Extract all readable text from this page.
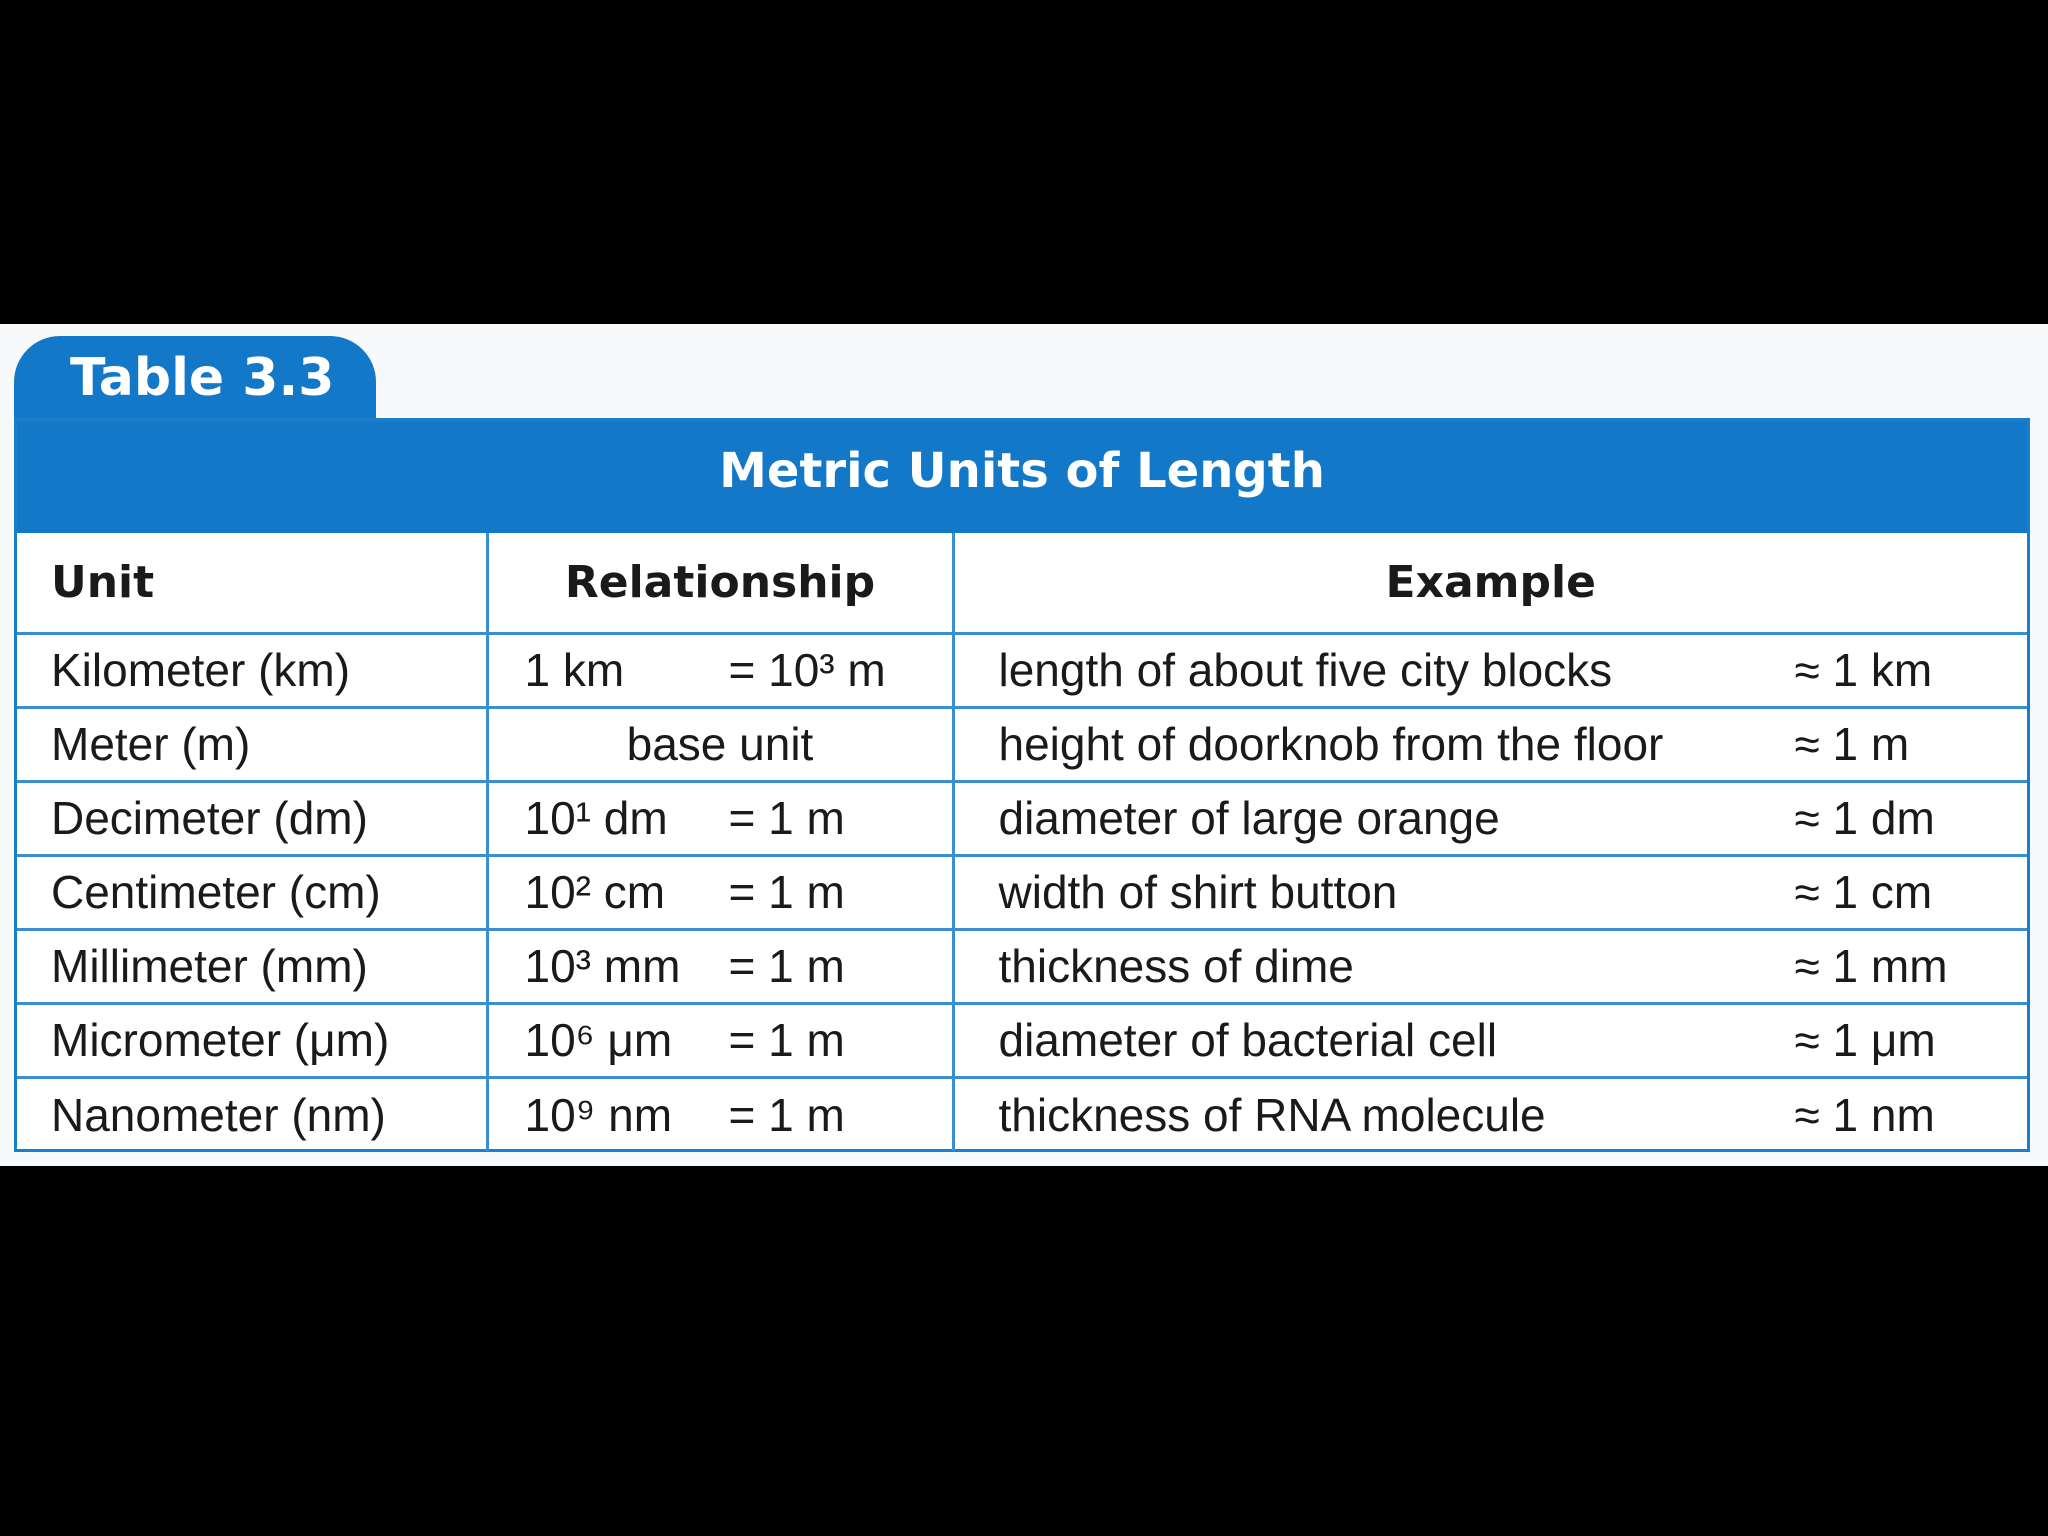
Table 3.3
Metric Units of Length
Unit	Relationship	Example
Kilometer (km)	1 km = 10³ m	length of about five city blocks ≈ 1 km

Meter (m)	base unit	height of doorknob from the floor ≈ 1 m

Decimeter (dm)	10¹ dm = 1 m	diameter of large orange ≈ 1 dm

Centimeter (cm)	10² cm = 1 m	width of shirt button ≈ 1 cm

Millimeter (mm)	10³ mm = 1 m	thickness of dime ≈ 1 mm

Micrometer (μm)	10⁶ μm = 1 m	diameter of bacterial cell ≈ 1 μm

Nanometer (nm)	10⁹ nm = 1 m	thickness of RNA molecule ≈ 1 nm
